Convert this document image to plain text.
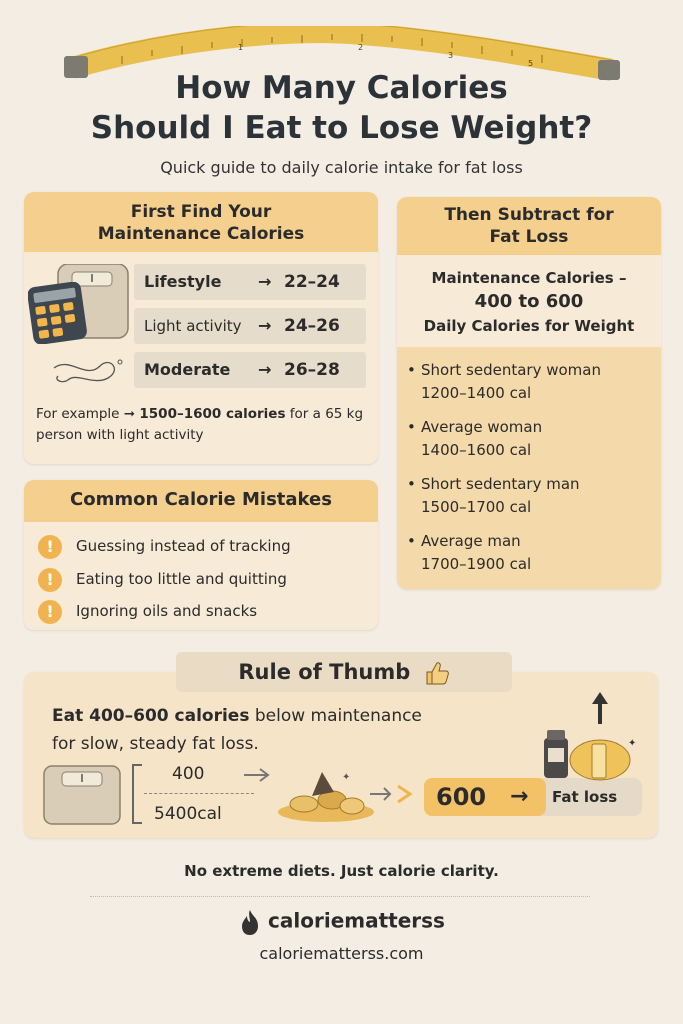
1	2
3
5
How Many Calories
Should I Eat to Lose Weight?
Quick guide to daily calorie intake for fat loss
First Find Your
Maintenance Calories
Lifestyle → 22–24
Light activity → 24–26
Moderate → 26–28
For example ➞ 1500–1600 calories for a 65 kg person with light activity
Then Subtract for
Fat Loss
Maintenance Calories –
400 to 600
Daily Calories for Weight
• Short sedentary woman
1200–1400 cal
• Average woman
1400–1600 cal
• Short sedentary man
1500–1700 cal
• Average man
1700–1900 cal
Common Calorie Mistakes
! Guessing instead of tracking
! Eating too little and quitting
! Ignoring oils and snacks
Eat 400–600 calories below maintenance
for slow, steady fat loss.
400
5400cal
✦
600	→ Fat loss
✦
Rule of Thumb
No extreme diets. Just calorie clarity.
caloriematterss
caloriematterss.com
